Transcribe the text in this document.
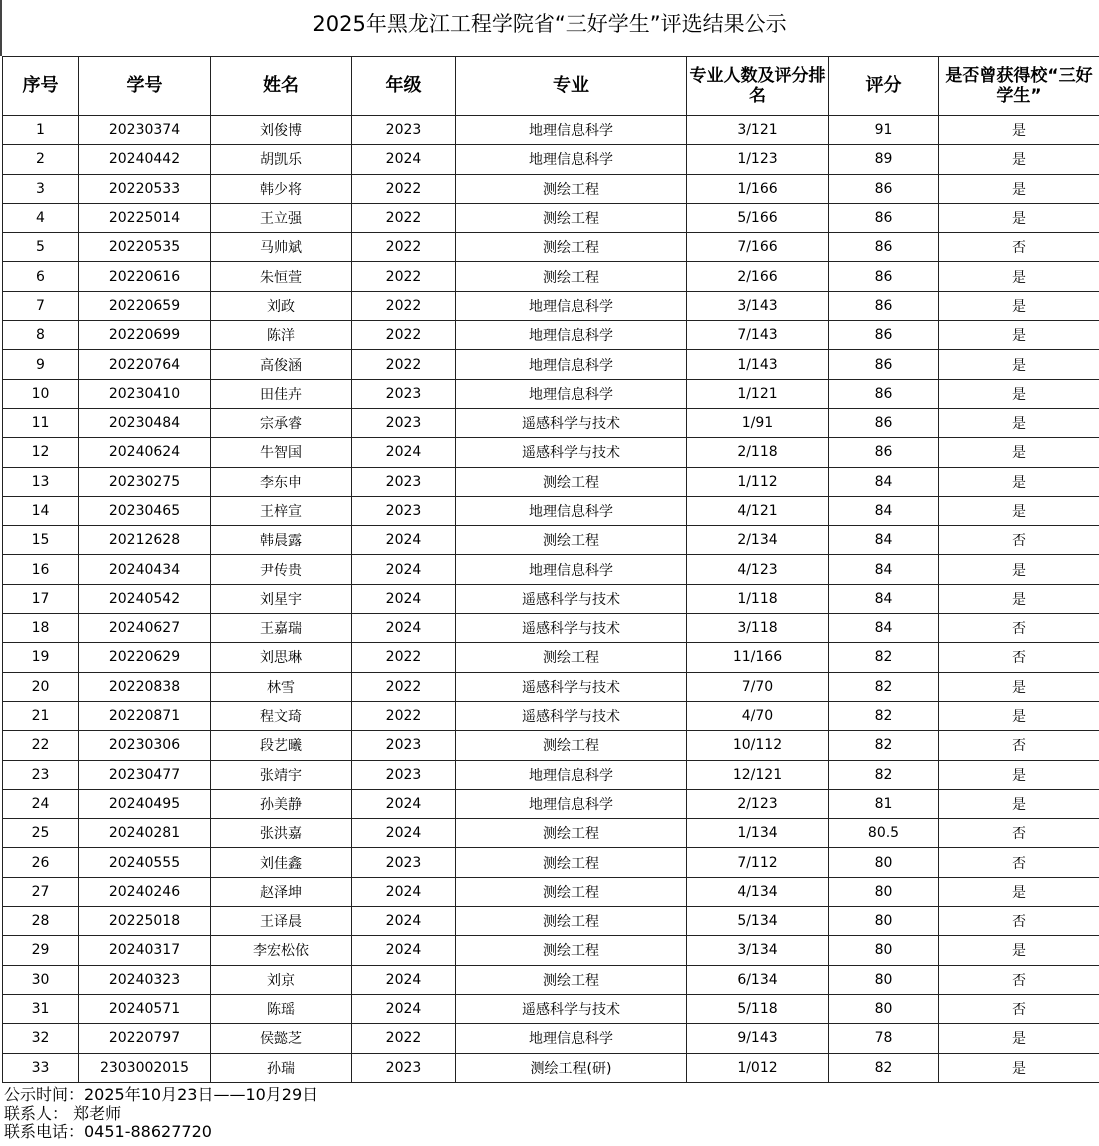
2025年黑龙江工程学院省“三好学生”评选结果公示
序号	学号	姓名	年级	专业	专业人数及评分排名	评分	是否曾获得校“三好学生”
1	20230374	刘俊博	2023	地理信息科学	3/121	91	是
2	20240442	胡凯乐	2024	地理信息科学	1/123	89	是
3	20220533	韩少将	2022	测绘工程	1/166	86	是
4	20225014	王立强	2022	测绘工程	5/166	86	是
5	20220535	马帅斌	2022	测绘工程	7/166	86	否
6	20220616	朱恒萱	2022	测绘工程	2/166	86	是
7	20220659	刘政	2022	地理信息科学	3/143	86	是
8	20220699	陈洋	2022	地理信息科学	7/143	86	是
9	20220764	高俊涵	2022	地理信息科学	1/143	86	是
10	20230410	田佳卉	2023	地理信息科学	1/121	86	是
11	20230484	宗承睿	2023	遥感科学与技术	1/91	86	是
12	20240624	牛智国	2024	遥感科学与技术	2/118	86	是
13	20230275	李东申	2023	测绘工程	1/112	84	是
14	20230465	王梓宣	2023	地理信息科学	4/121	84	是
15	20212628	韩晨露	2024	测绘工程	2/134	84	否
16	20240434	尹传贵	2024	地理信息科学	4/123	84	是
17	20240542	刘星宇	2024	遥感科学与技术	1/118	84	是
18	20240627	王嘉瑞	2024	遥感科学与技术	3/118	84	否
19	20220629	刘思琳	2022	测绘工程	11/166	82	否
20	20220838	林雪	2022	遥感科学与技术	7/70	82	是
21	20220871	程文琦	2022	遥感科学与技术	4/70	82	是
22	20230306	段艺曦	2023	测绘工程	10/112	82	否
23	20230477	张靖宇	2023	地理信息科学	12/121	82	是
24	20240495	孙美静	2024	地理信息科学	2/123	81	是
25	20240281	张洪嘉	2024	测绘工程	1/134	80.5	否
26	20240555	刘佳鑫	2023	测绘工程	7/112	80	否
27	20240246	赵泽坤	2024	测绘工程	4/134	80	是
28	20225018	王译晨	2024	测绘工程	5/134	80	否
29	20240317	李宏松依	2024	测绘工程	3/134	80	是
30	20240323	刘京	2024	测绘工程	6/134	80	否
31	20240571	陈瑶	2024	遥感科学与技术	5/118	80	否
32	20220797	侯懿芝	2022	地理信息科学	9/143	78	是
33	2303002015	孙瑞	2023	测绘工程(研)	1/012	82	是
公示时间：2025年10月23日——10月29日
联系人： 郑老师
联系电话：0451-88627720
